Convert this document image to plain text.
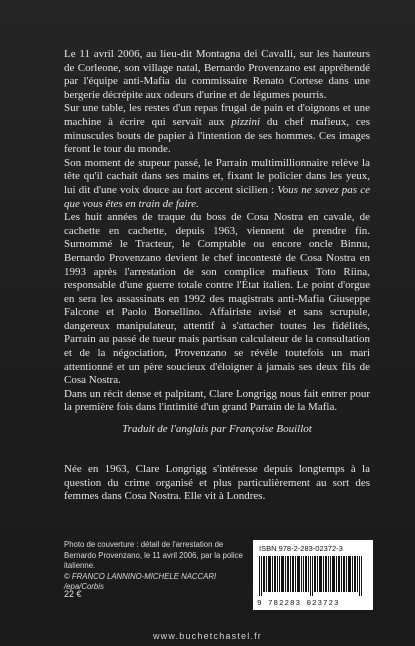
Le 11 avril 2006, au lieu-dit Montagna dei Cavalli, sur les hauteurs de Corleone, son village natal, Bernardo Provenzano est appréhendé par l'équipe anti-Mafia du commissaire Renato Cortese dans une bergerie décrépite aux odeurs d'urine et de légumes pourris.

Sur une table, les restes d'un repas frugal de pain et d'oignons et une machine à écrire qui servait aux pizzini du chef mafieux, ces minuscules bouts de papier à l'intention de ses hommes. Ces images feront le tour du monde.

Son moment de stupeur passé, le Parrain multimillionnaire relève la tête qu'il cachait dans ses mains et, fixant le policier dans les yeux, lui dit d'une voix douce au fort accent sicilien : Vous ne savez pas ce que vous êtes en train de faire.

Les huit années de traque du boss de Cosa Nostra en cavale, de cachette en cachette, depuis 1963, viennent de prendre fin. Surnommé le Tracteur, le Comptable ou encore oncle Binnu, Bernardo Provenzano devient le chef incontesté de Cosa Nostra en 1993 après l'arrestation de son complice mafieux Toto Riina, responsable d'une guerre totale contre l'État italien. Le point d'orgue en sera les assassinats en 1992 des magistrats anti-Mafia Giuseppe Falcone et Paolo Borsellino. Affairiste avisé et sans scrupule, dangereux manipulateur, attentif à s'attacher toutes les fidélités, Parrain au passé de tueur mais partisan calculateur de la consultation et de la négociation, Provenzano se révèle toutefois un mari attentionné et un père soucieux d'éloigner à jamais ses deux fils de Cosa Nostra.

Dans un récit dense et palpitant, Clare Longrigg nous fait entrer pour la première fois dans l'intimité d'un grand Parrain de la Mafia.

Traduit de l'anglais par Françoise Bouillot
Née en 1963, Clare Longrigg s'intéresse depuis longtemps à la question du crime organisé et plus particulièrement au sort des femmes dans Cosa Nostra. Elle vit à Londres.
Photo de couverture : détail de l'arrestation de Bernardo Provenzano, le 11 avril 2006, par la police italienne.
© FRANCO LANNINO-MICHELE NACCARI /epa/Corbis
22 €
ISBN 978-2-283-02372-3
9 782283 023723
www.buchetchastel.fr
